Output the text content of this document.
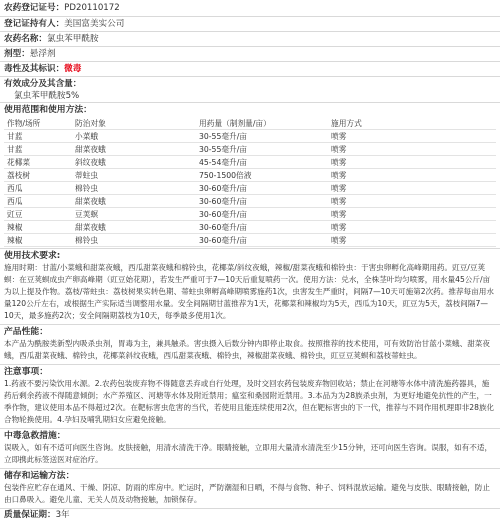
农药登记证号：PD20110172
登记证持有人：美国富美实公司
农药名称：氯虫苯甲酰胺
剂型：悬浮剂
毒性及其标识：微毒
有效成分及其含量：
氯虫苯甲酰胺5%
使用范围和使用方法：
作物/场所	防治对象	用药量（制剂量/亩）	施用方式
甘蓝	小菜蛾	30-55毫升/亩	喷雾
甘蓝	甜菜夜蛾	30-55毫升/亩	喷雾
花椰菜	斜纹夜蛾	45-54毫升/亩	喷雾
荔枝树	蒂蛀虫	750-1500倍液	喷雾
西瓜	棉铃虫	30-60毫升/亩	喷雾
西瓜	甜菜夜蛾	30-60毫升/亩	喷雾
豇豆	豆荚螟	30-60毫升/亩	喷雾
辣椒	甜菜夜蛾	30-60毫升/亩	喷雾
辣椒	棉铃虫	30-60毫升/亩	喷雾
使用技术要求:
施用时期：甘蓝/小菜蛾和甜菜夜蛾，西瓜甜菜夜蛾和棉铃虫，花椰菜/斜纹夜蛾，辣椒/甜菜夜蛾和棉铃虫：于害虫卵孵化高峰期用药。豇豆/豆荚螟：在豆荚螟成虫产卵高峰期（豇豆始花期），若发生严重可于7—10天后重复喷药一次。使用方法：兑水，全株茎叶均匀喷雾，用水量45公斤/亩为以上提及作物。荔枝/蒂蛀虫：荔枝树果实转色期、蒂蛀虫卵孵高峰期喷雾施药1次，虫害发生严重时，间隔7—10天可施第2次药。推荐每亩用水量120公斤左右，或根据生产实际适当调整用水量。安全间隔期甘蓝推荐为1天，花椰菜和辣椒均为5天，西瓜为10天，豇豆为5天，荔枝间隔7—10天，最多施药2次；安全间隔期荔枝为10天，每季最多使用1次。
产品性能：
本产品为酰胺类新型内吸杀虫剂，胃毒为主，兼具触杀。害虫摄入后数分钟内即停止取食。按照推荐的技术使用，可有效防治甘蓝小菜蛾、甜菜夜蛾，西瓜甜菜夜蛾、棉铃虫，花椰菜斜纹夜蛾，西瓜甜菜夜蛾、棉铃虫，辣椒甜菜夜蛾、棉铃虫，豇豆豆荚螟和荔枝蒂蛀虫。
注意事项：
1.药液不要污染饮用水源。2.农药包装废弃物不得随意丢弃或自行处理，及时交回农药包装废弃物回收站；禁止在河塘等水体中清洗施药器具，施药后剩余药液不得随意倾倒；水产养殖区、河塘等水体及附近禁用；瘟室和桑园附近禁用。3.本品为为28族杀虫剂，为更好地避免抗性的产生，一季作物，建议使用本品不得超过2次。在靶标害虫危害的当代，若使用且能连续使用2次，但在靶标害虫的下一代，推荐与不同作用机理即非28族化合物轮换使用。4.孕妇及哺乳期妇女应避免接触。
中毒急救措施：
误吸入，如有不适可向医生咨询。皮肤接触，用清水清洗干净。眼睛接触，立即用大量清水清洗至少15分钟，还可向医生咨询。误服，如有不适，立即携此标签送医对症治疗。
储存和运输方法：
包装件应贮存在通风、干燥、阴凉、防雨的库房中。贮运时，严防潮湿和日晒，不得与食物、种子、饲料混放运输。避免与皮肤、眼睛接触，防止由口鼻吸入。避免儿童、无关人员及动物接触，加锁保存。
质量保证期：3年
